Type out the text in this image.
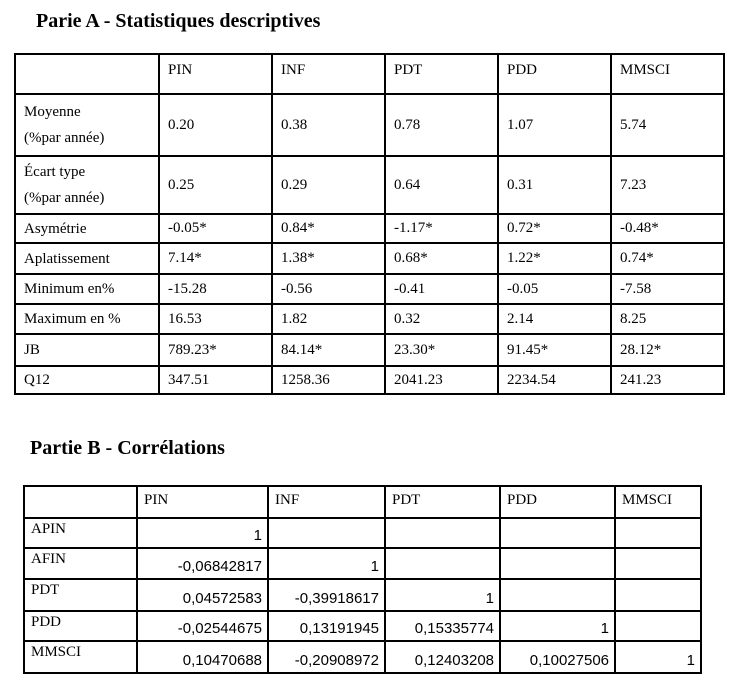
Parie A - Statistiques descriptives
	PIN	INF	PDT	PDD	MMSCI

Moyenne
(%par année)	0.20	0.38	0.78	1.07	5.74

Écart type
(%par année)	0.25	0.29	0.64	0.31	7.23

Asymétrie	-0.05*	0.84*	-1.17*	0.72*	-0.48*

Aplatissement	7.14*	1.38*	0.68*	1.22*	0.74*

Minimum en%	-15.28	-0.56	-0.41	-0.05	-7.58

Maximum en %	16.53	1.82	0.32	2.14	8.25

JB	789.23*	84.14*	23.30*	91.45*	28.12*

Q12	347.51	1258.36	2041.23	2234.54	241.23
Partie B - Corrélations
	PIN	INF	PDT	PDD	MMSCI
APIN	1				
AFIN	-0,06842817	1			
PDT	0,04572583	-0,39918617	1		
PDD	-0,02544675	0,13191945	0,15335774	1	
MMSCI	0,10470688	-0,20908972	0,12403208	0,10027506	1
